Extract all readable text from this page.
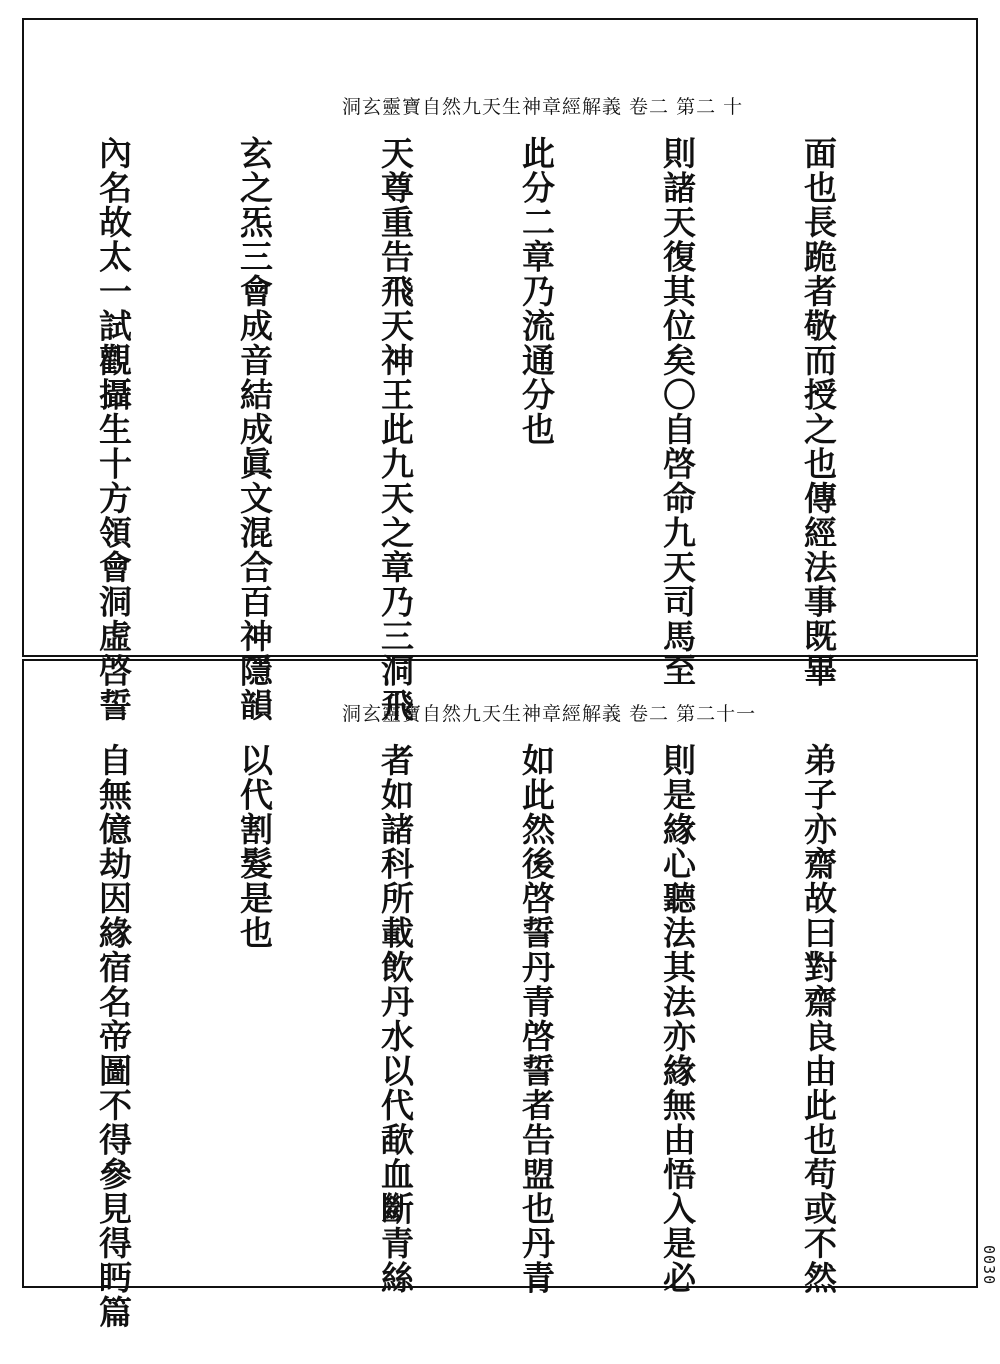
洞玄靈寶自然九天生神章經解義 卷二 第二 十

面也長跪者敬而授之也傳經法事既畢

則諸天復其位矣〇自啓命九天司馬至

此分二章乃流通分也

天尊重告飛天神王此九天之章乃三洞飛

玄之炁三會成音結成眞文混合百神隱韻

內名故太一試觀攝生十方領會洞虛啓誓

	洞玄靈寶自然九天生神章經解義 卷二 第二十一

弟子亦齋故曰對齋良由此也苟或不然

則是緣心聽法其法亦緣無由悟入是必

如此然後啓誓丹青啓誓者告盟也丹青

者如諸科所載飲丹水以代歃血斷青絲

以代割髮是也

自無億劫因緣宿名帝圖不得參見得眄篇

	0030
